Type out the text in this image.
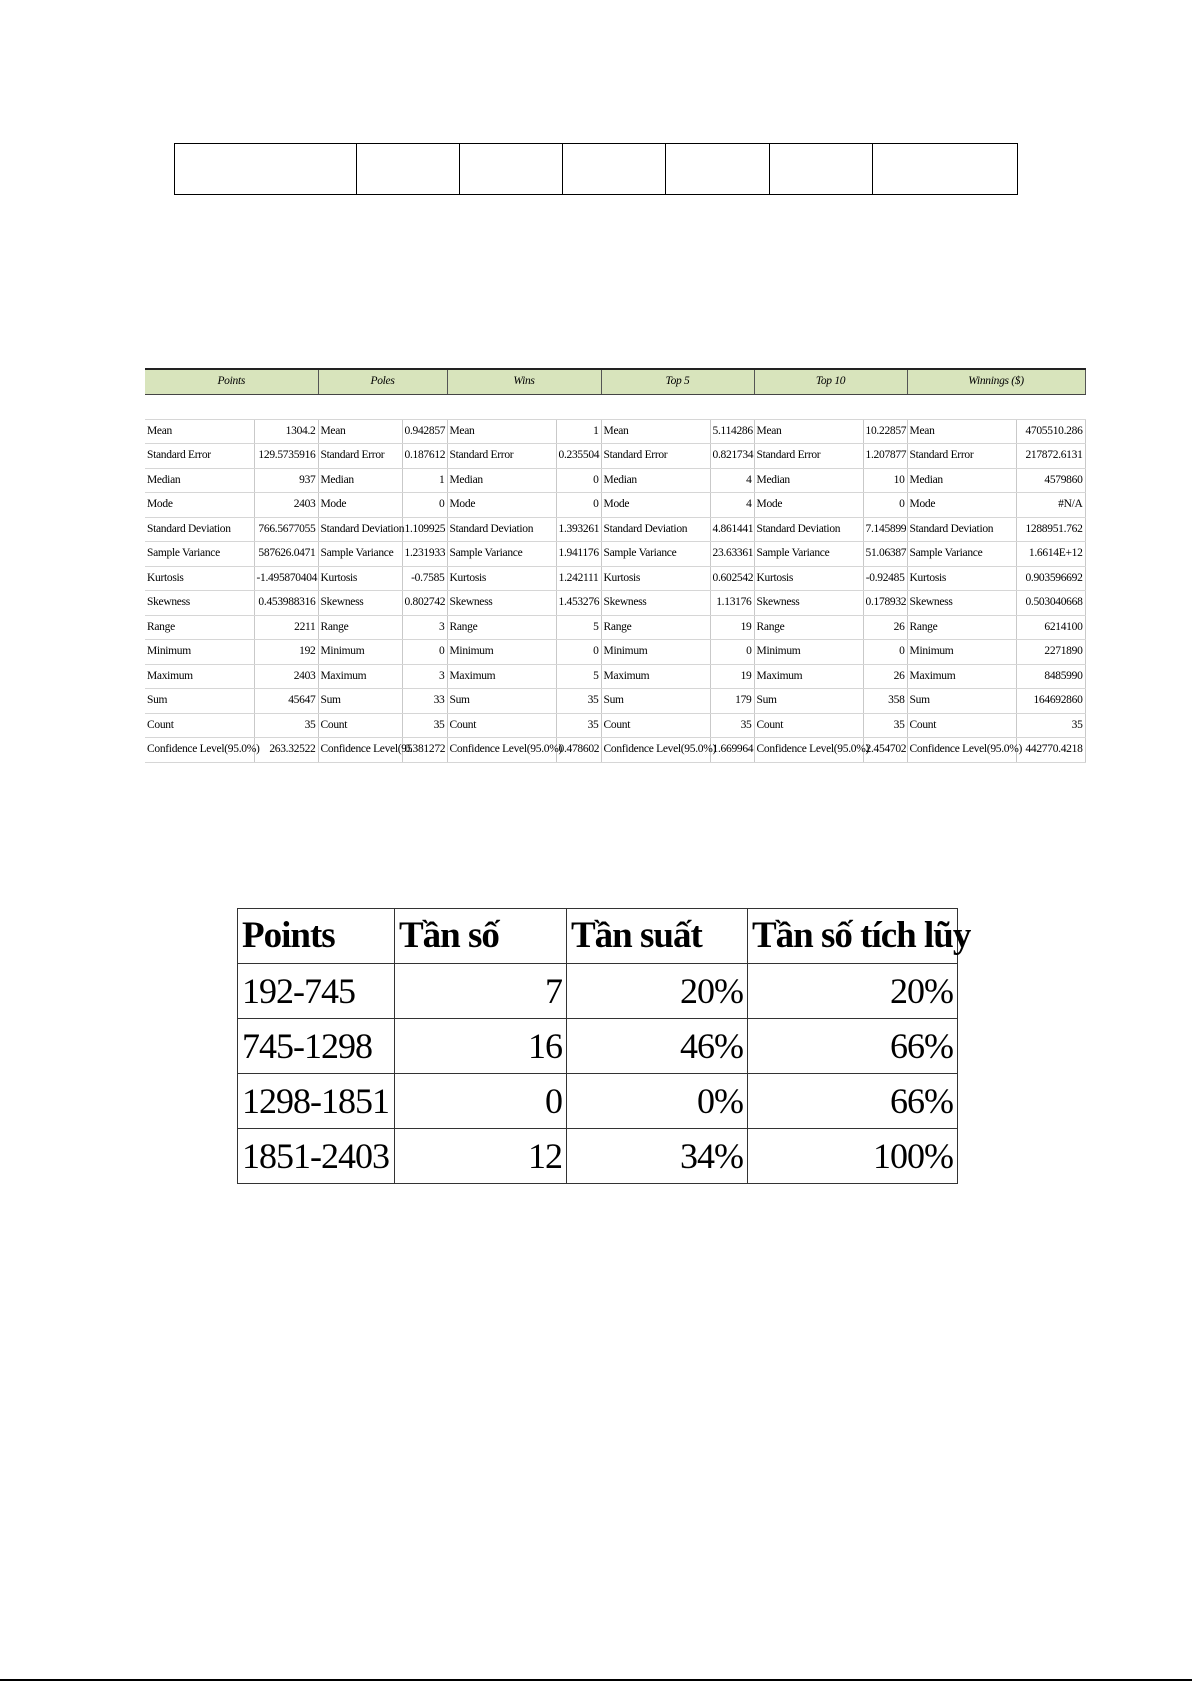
Points		Poles		Wins		Top 5		Top 10		Winnings ($)	

Mean	1304.2	Mean	0.942857	Mean	1	Mean	5.114286	Mean	10.22857	Mean	4705510.286
Standard Error	129.5735916	Standard Error	0.187612	Standard Error	0.235504	Standard Error	0.821734	Standard Error	1.207877	Standard Error	217872.6131
Median	937	Median	1	Median	0	Median	4	Median	10	Median	4579860
Mode	2403	Mode	0	Mode	0	Mode	4	Mode	0	Mode	#N/A
Standard Deviation	766.5677055	Standard Deviation	1.109925	Standard Deviation	1.393261	Standard Deviation	4.861441	Standard Deviation	7.145899	Standard Deviation	1288951.762
Sample Variance	587626.0471	Sample Variance	1.231933	Sample Variance	1.941176	Sample Variance	23.63361	Sample Variance	51.06387	Sample Variance	1.6614E+12
Kurtosis	-1.495870404	Kurtosis	-0.7585	Kurtosis	1.242111	Kurtosis	0.602542	Kurtosis	-0.92485	Kurtosis	0.903596692
Skewness	0.453988316	Skewness	0.802742	Skewness	1.453276	Skewness	1.13176	Skewness	0.178932	Skewness	0.503040668
Range	2211	Range	3	Range	5	Range	19	Range	26	Range	6214100
Minimum	192	Minimum	0	Minimum	0	Minimum	0	Minimum	0	Minimum	2271890
Maximum	2403	Maximum	3	Maximum	5	Maximum	19	Maximum	26	Maximum	8485990
Sum	45647	Sum	33	Sum	35	Sum	179	Sum	358	Sum	164692860
Count	35	Count	35	Count	35	Count	35	Count	35	Count	35
Confidence Level(95.0%)	263.32522	Confidence Level(95	0.381272	Confidence Level(95.0%)	0.478602	Confidence Level(95.0%)	1.669964	Confidence Level(95.0%)	2.454702	Confidence Level(95.0%)	442770.4218
Points	Tần số	Tần suất	Tần số tích lũy
192-745	7	20%	20%
745-1298	16	46%	66%
1298-1851	0	0%	66%
1851-2403	12	34%	100%
